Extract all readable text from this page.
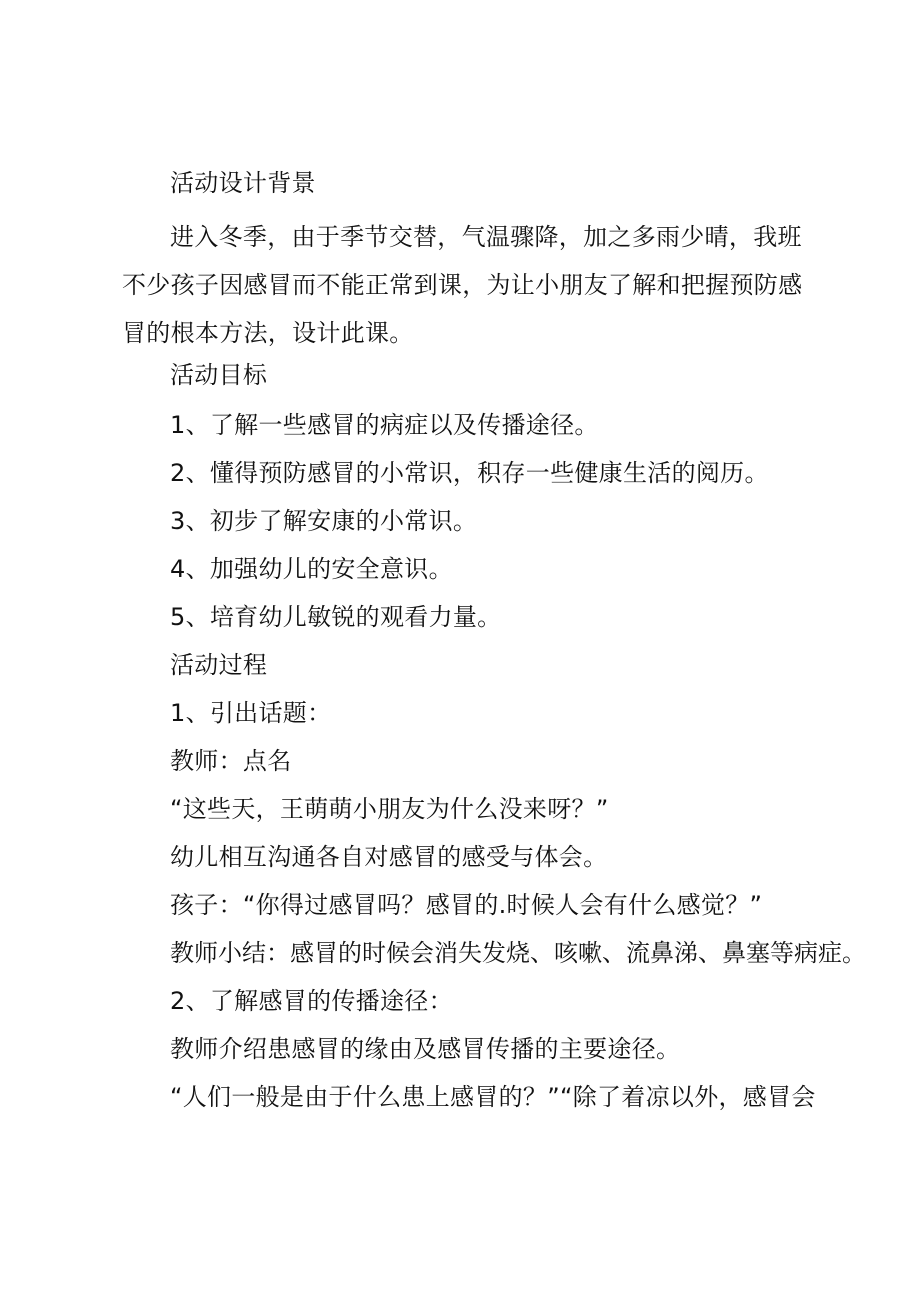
活动设计背景
进入冬季，由于季节交替，气温骤降，加之多雨少晴，我班不少孩子因感冒而不能正常到课，为让小朋友了解和把握预防感冒的根本方法，设计此课。
活动目标
1、了解一些感冒的病症以及传播途径。
2、懂得预防感冒的小常识，积存一些健康生活的阅历。
3、初步了解安康的小常识。
4、加强幼儿的安全意识。
5、培育幼儿敏锐的观看力量。
活动过程
1、引出话题：
教师：点名
“这些天，王萌萌小朋友为什么没来呀？”
幼儿相互沟通各自对感冒的感受与体会。
孩子：“你得过感冒吗？感冒的.时候人会有什么感觉？”
教师小结：感冒的时候会消失发烧、咳嗽、流鼻涕、鼻塞等病症。
2、了解感冒的传播途径：
教师介绍患感冒的缘由及感冒传播的主要途径。
“人们一般是由于什么患上感冒的？”“除了着凉以外，感冒会
